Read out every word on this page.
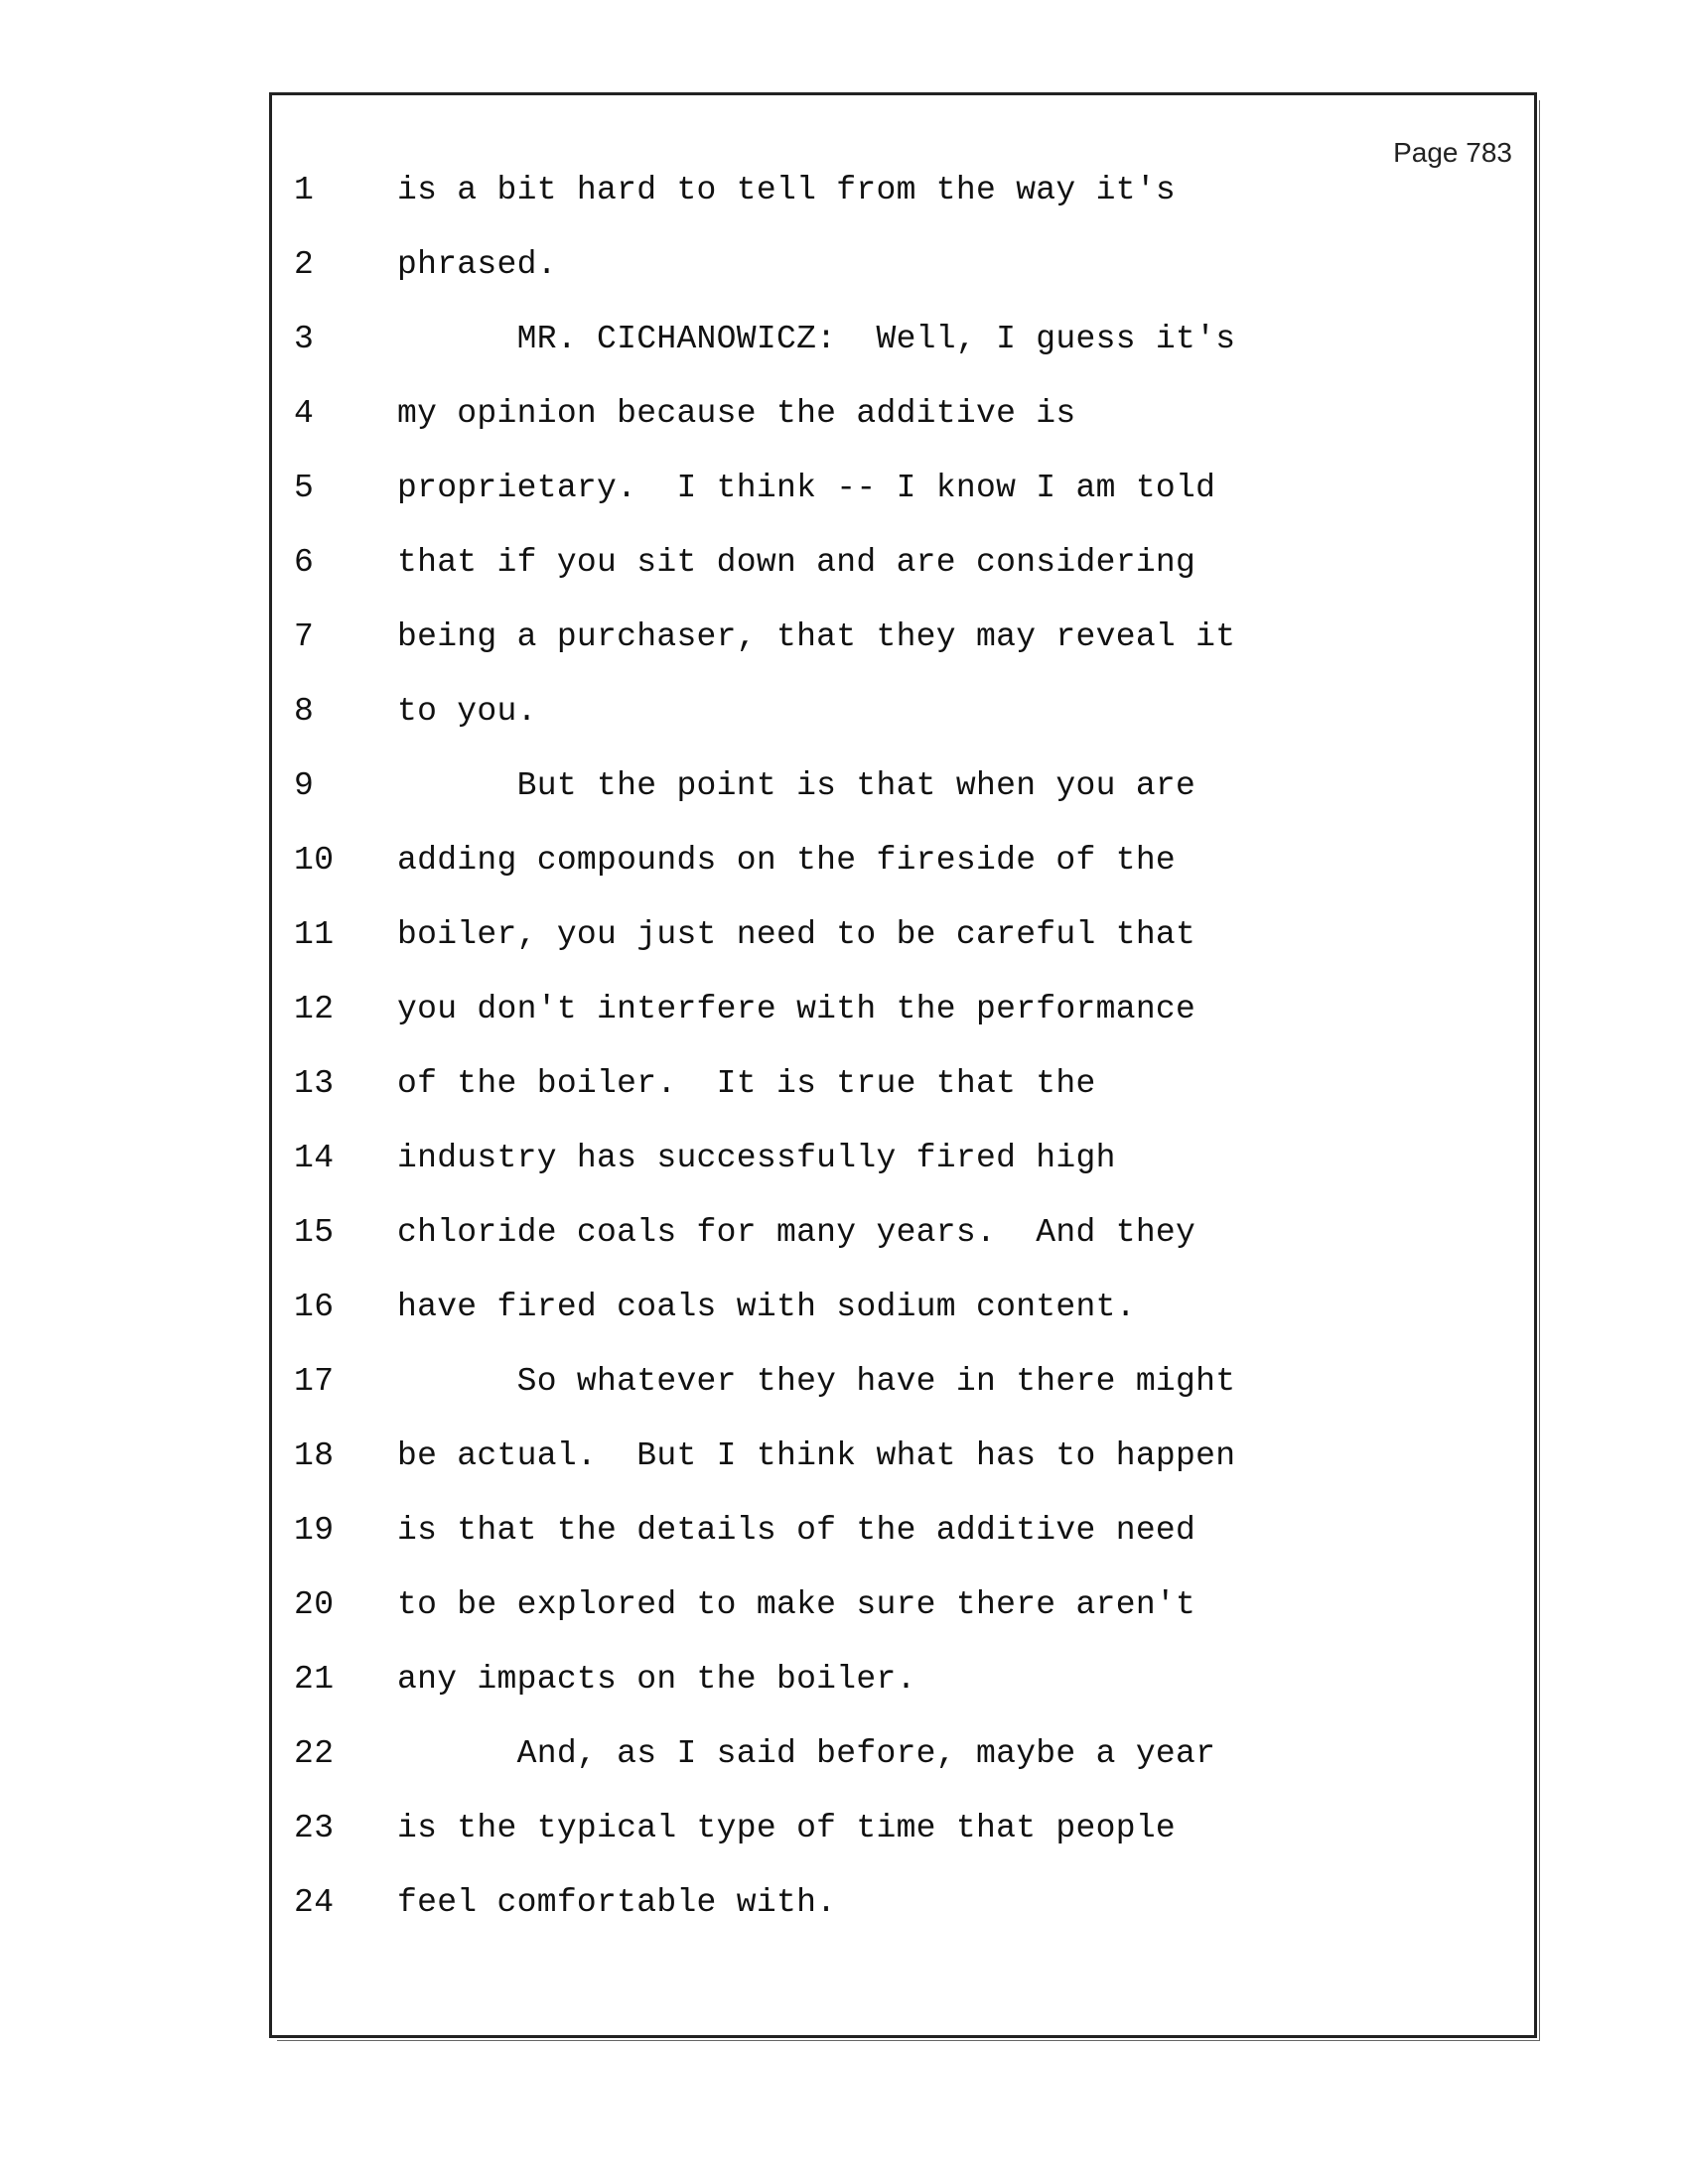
Page 783
1	is a bit hard to tell from the way it's
2	phrased.
3	MR. CICHANOWICZ:  Well, I guess it's
4	my opinion because the additive is
5	proprietary.  I think -- I know I am told
6	that if you sit down and are considering
7	being a purchaser, that they may reveal it
8	to you.
9	But the point is that when you are
10	adding compounds on the fireside of the
11	boiler, you just need to be careful that
12	you don't interfere with the performance
13	of the boiler.  It is true that the
14	industry has successfully fired high
15	chloride coals for many years.  And they
16	have fired coals with sodium content.
17	So whatever they have in there might
18	be actual.  But I think what has to happen
19	is that the details of the additive need
20	to be explored to make sure there aren't
21	any impacts on the boiler.
22	And, as I said before, maybe a year
23	is the typical type of time that people
24	feel comfortable with.
